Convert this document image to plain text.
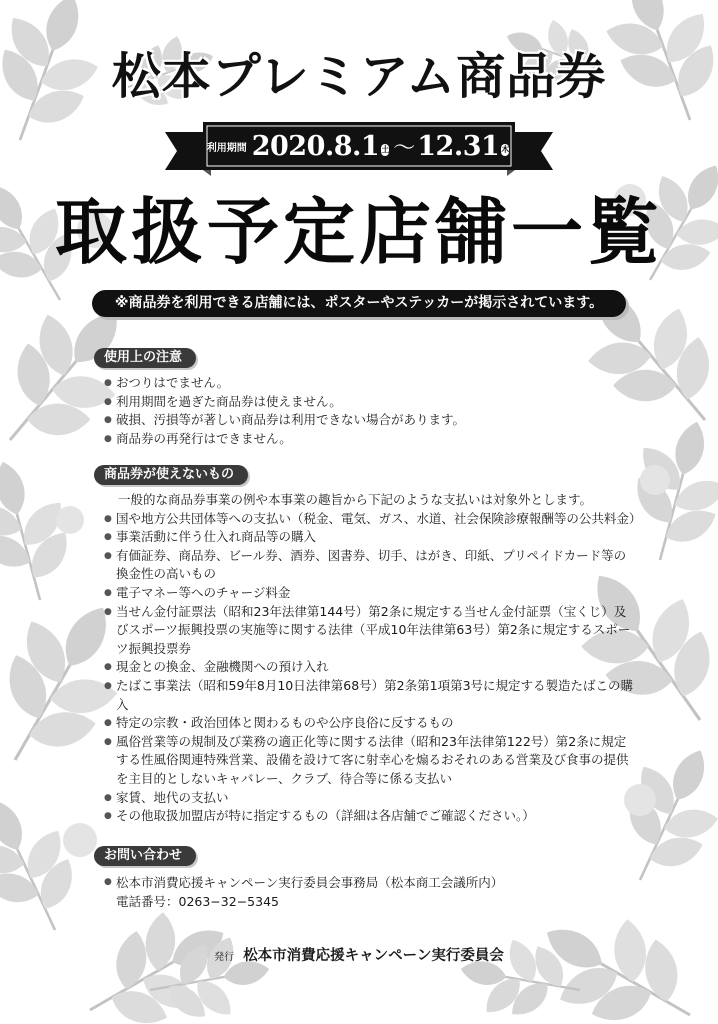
松本プレミアム商品券
利用期間 2020.8.1 土 〜 12.31 木
取扱予定店舗一覧
※商品券を利用できる店舗には、ポスターやステッカーが掲示されています。
使用上の注意
● おつりはでません。
● 利用期間を過ぎた商品券は使えません。
● 破損、汚損等が著しい商品券は利用できない場合があります。
● 商品券の再発行はできません。
商品券が使えないもの
一般的な商品券事業の例や本事業の趣旨から下記のような支払いは対象外とします。
● 国や地方公共団体等への支払い（税金、電気、ガス、水道、社会保険診療報酬等の公共料金）
● 事業活動に伴う仕入れ商品等の購入
● 有価証券、商品券、ビール券、酒券、図書券、切手、はがき、印紙、プリペイドカード等の換金性の高いもの
● 電子マネー等へのチャージ料金
● 当せん金付証票法（昭和23年法律第144号）第2条に規定する当せん金付証票（宝くじ）及びスポーツ振興投票の実施等に関する法律（平成10年法律第63号）第2条に規定するスポーツ振興投票券
● 現金との換金、金融機関への預け入れ
● たばこ事業法（昭和59年8月10日法律第68号）第2条第1項第3号に規定する製造たばこの購入
● 特定の宗教・政治団体と関わるものや公序良俗に反するもの
● 風俗営業等の規制及び業務の適正化等に関する法律（昭和23年法律第122号）第2条に規定する性風俗関連特殊営業、設備を設けて客に射幸心を煽るおそれのある営業及び食事の提供を主目的としないキャバレー、クラブ、待合等に係る支払い
● 家賃、地代の支払い
● その他取扱加盟店が特に指定するもの（詳細は各店舗でご確認ください。）
お問い合わせ
● 松本市消費応援キャンペーン実行委員会事務局（松本商工会議所内）
電話番号：0263−32−5345
発行 松本市消費応援キャンペーン実行委員会
